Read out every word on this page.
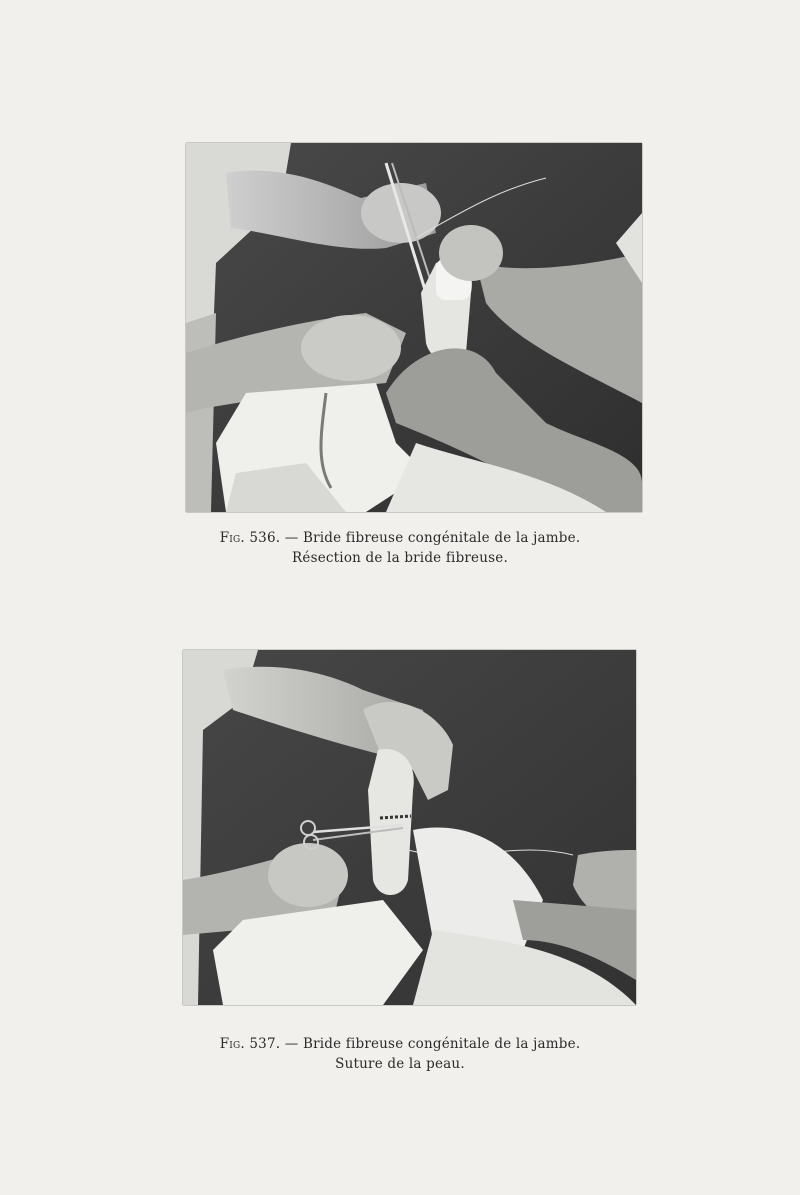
Fig. 536. — Bride fibreuse congénitale de la jambe.
Résection de la bride fibreuse.
Fig. 537. — Bride fibreuse congénitale de la jambe.
Suture de la peau.
